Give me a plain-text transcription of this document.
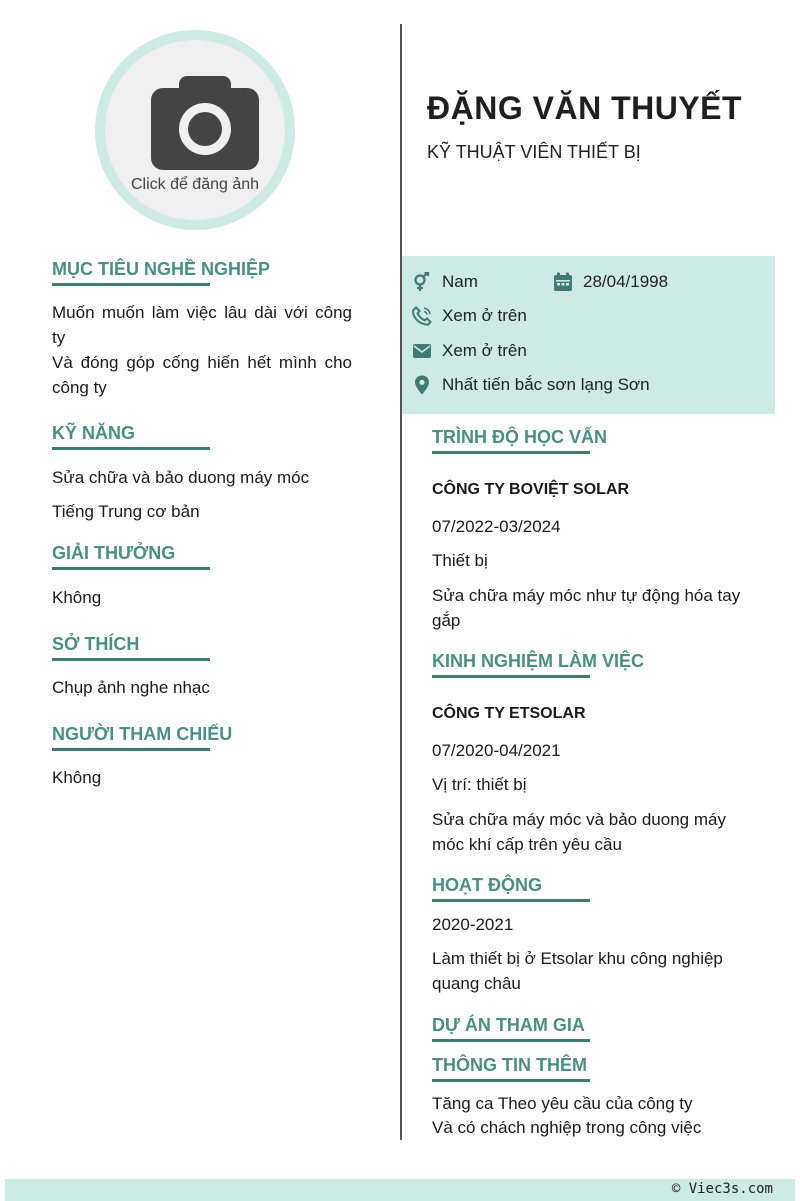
Click để đăng ảnh
ĐẶNG VĂN THUYẾT
KỸ THUẬT VIÊN THIẾT BỊ
Nam	28/04/1998
Xem ở trên
Xem ở trên
Nhất tiến bắc sơn lạng Sơn
MỤC TIÊU NGHỀ NGHIỆP
Muốn muốn làm việc lâu dài với công
ty
Và đóng góp cống hiến hết mình cho
công ty
KỸ NĂNG
Sửa chữa và bảo duong máy móc
Tiếng Trung cơ bản
GIẢI THƯỞNG
Không
SỞ THÍCH
Chụp ảnh nghe nhạc
NGƯỜI THAM CHIẾU
Không
TRÌNH ĐỘ HỌC VẤN
CÔNG TY BOVIỆT SOLAR
07/2022-03/2024
Thiết bị
Sửa chữa máy móc như tự động hóa tay
gắp
KINH NGHIỆM LÀM VIỆC
CÔNG TY ETSOLAR
07/2020-04/2021
Vị trí: thiết bị
Sửa chữa máy móc và bảo duong máy
móc khí cấp trên yêu cầu
HOẠT ĐỘNG
2020-2021
Làm thiết bị ở Etsolar khu công nghiệp
quang châu
DỰ ÁN THAM GIA
THÔNG TIN THÊM
Tăng ca Theo yêu cầu của công ty
Và có chách nghiệp trong công việc
© Viec3s.com
